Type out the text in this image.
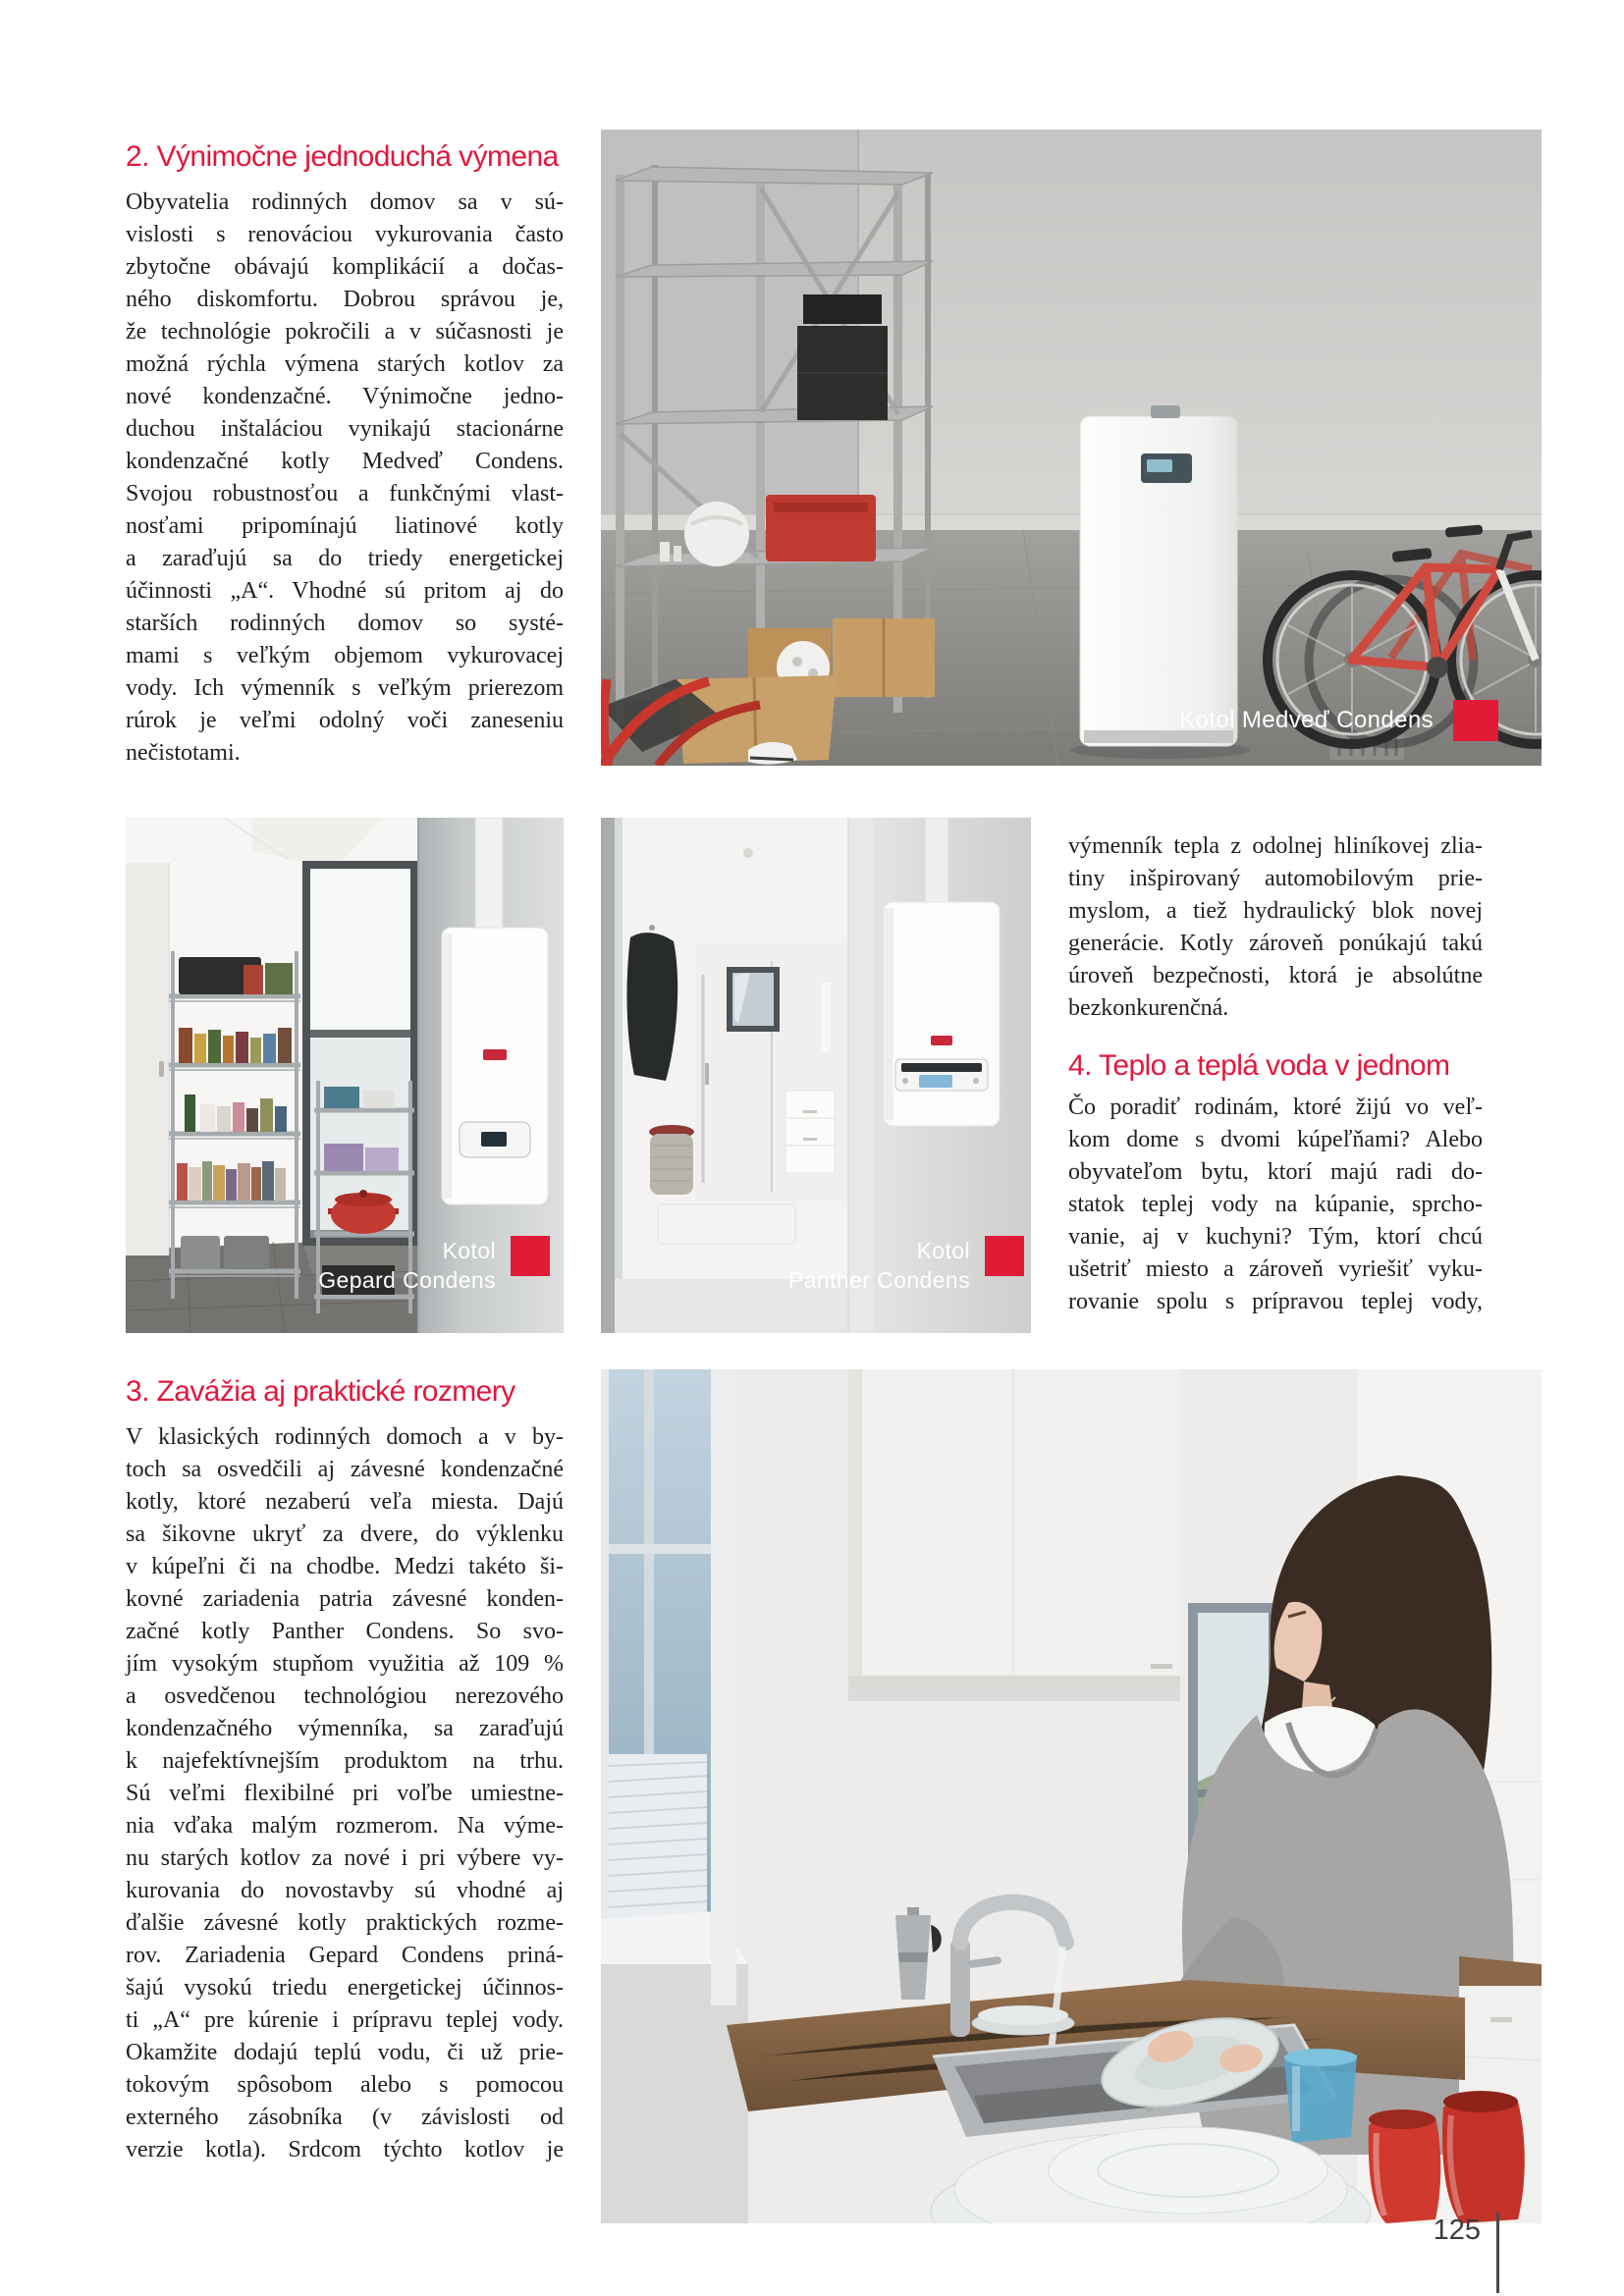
2. Výnimočne jednoduchá výmena
Obyvatelia rodinných domov sa v sú-
vislosti s renováciou vykurovania často
zbytočne obávajú komplikácií a dočas-
ného diskomfortu. Dobrou správou je,
že technológie pokročili a v súčasnosti je
možná rýchla výmena starých kotlov za
nové kondenzačné. Výnimočne jedno-
duchou inštaláciou vynikajú stacionárne
kondenzačné kotly Medveď Condens.
Svojou robustnosťou a funkčnými vlast-
nosťami pripomínajú liatinové kotly
a zaraďujú sa do triedy energetickej
účinnosti „A“. Vhodné sú pritom aj do
starších rodinných domov so systé-
mami s veľkým objemom vykurovacej
vody. Ich výmenník s veľkým prierezom
rúrok je veľmi odolný voči zaneseniu
nečistotami.
Kotol Medveď Condens
Kotol
Gepard Condens
Kotol
Panther Condens
výmenník tepla z odolnej hliníkovej zlia-
tiny inšpirovaný automobilovým prie-
myslom, a tiež hydraulický blok novej
generácie. Kotly zároveň ponúkajú takú
úroveň bezpečnosti, ktorá je absolútne
bezkonkurenčná.
4. Teplo a teplá voda v jednom
Čo poradiť rodinám, ktoré žijú vo veľ-
kom dome s dvomi kúpeľňami? Alebo
obyvateľom bytu, ktorí majú radi do-
statok teplej vody na kúpanie, sprcho-
vanie, aj v kuchyni? Tým, ktorí chcú
ušetriť miesto a zároveň vyriešiť vyku-
rovanie spolu s prípravou teplej vody,
3. Zavážia aj praktické rozmery
V klasických rodinných domoch a v by-
toch sa osvedčili aj závesné kondenzačné
kotly, ktoré nezaberú veľa miesta. Dajú
sa šikovne ukryť za dvere, do výklenku
v kúpeľni či na chodbe. Medzi takéto ši-
kovné zariadenia patria závesné konden-
začné kotly Panther Condens. So svo-
jím vysokým stupňom využitia až 109 %
a osvedčenou technológiou nerezového
kondenzačného výmenníka, sa zaraďujú
k najefektívnejším produktom na trhu.
Sú veľmi flexibilné pri voľbe umiestne-
nia vďaka malým rozmerom. Na výme-
nu starých kotlov za nové i pri výbere vy-
kurovania do novostavby sú vhodné aj
ďalšie závesné kotly praktických rozme-
rov. Zariadenia Gepard Condens priná-
šajú vysokú triedu energetickej účinnos-
ti „A“ pre kúrenie i prípravu teplej vody.
Okamžite dodajú teplú vodu, či už prie-
tokovým spôsobom alebo s pomocou
externého zásobníka (v závislosti od
verzie kotla). Srdcom týchto kotlov je
125
